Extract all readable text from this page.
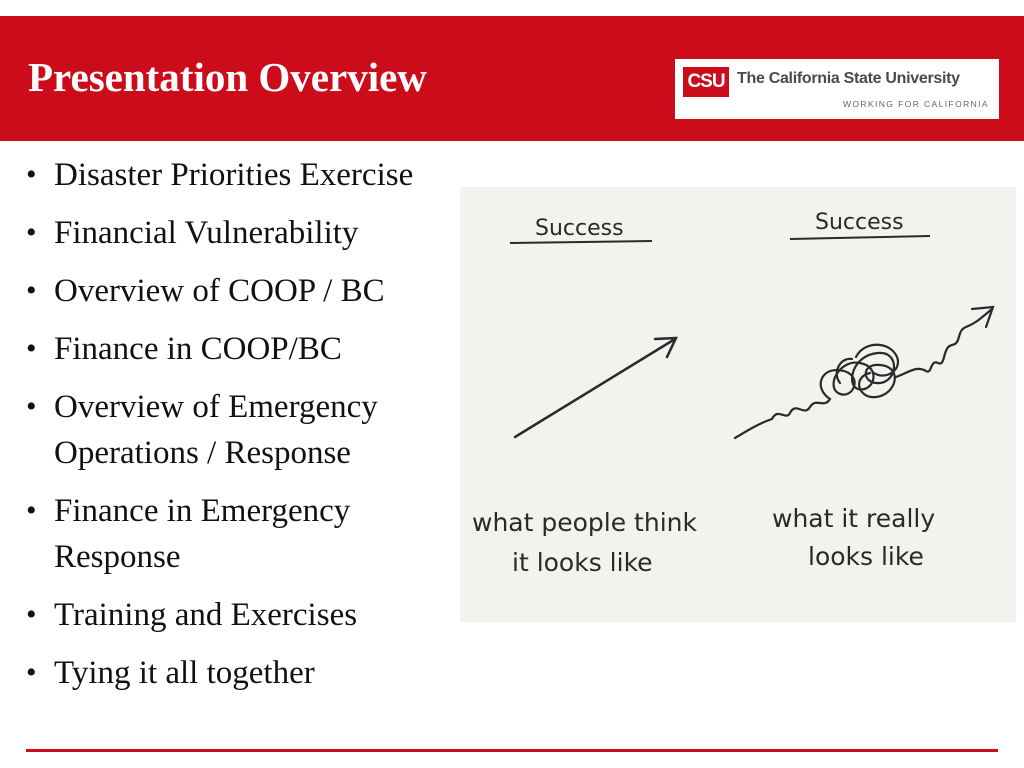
Presentation Overview	CSU The California State University
WORKING FOR CALIFORNIA
• Disaster Priorities Exercise
• Financial Vulnerability
• Overview of COOP / BC
• Finance in COOP/BC
• Overview of Emergency Operations / Response
• Finance in Emergency Response
• Training and Exercises
• Tying it all together
Success	Success
what people think
it looks like
what it really
looks like
